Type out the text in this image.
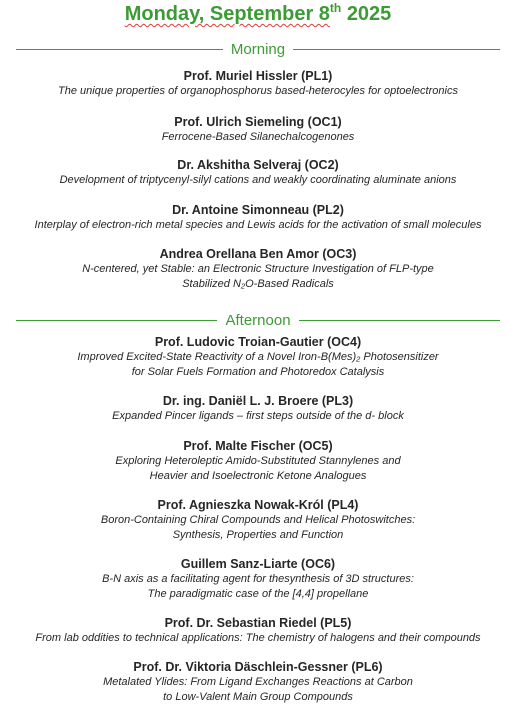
Monday, September 8th 2025
Morning
Prof. Muriel Hissler (PL1)
The unique properties of organophosphorus based-heterocyles for optoelectronics
Prof. Ulrich Siemeling (OC1)
Ferrocene-Based Silanechalcogenones
Dr. Akshitha Selveraj (OC2)
Development of triptycenyl-silyl cations and weakly coordinating aluminate anions
Dr. Antoine Simonneau (PL2)
Interplay of electron-rich metal species and Lewis acids for the activation of small molecules
Andrea Orellana Ben Amor (OC3)
N-centered, yet Stable: an Electronic Structure Investigation of FLP-type
Stabilized N₂O-Based Radicals
Afternoon
Prof. Ludovic Troian-Gautier (OC4)
Improved Excited-State Reactivity of a Novel Iron-B(Mes)₂ Photosensitizer
for Solar Fuels Formation and Photoredox Catalysis
Dr. ing. Daniël L. J. Broere (PL3)
Expanded Pincer ligands – first steps outside of the d- block
Prof. Malte Fischer (OC5)
Exploring Heteroleptic Amido-Substituted Stannylenes and
Heavier and Isoelectronic Ketone Analogues
Prof. Agnieszka Nowak-Król (PL4)
Boron-Containing Chiral Compounds and Helical Photoswitches:
Synthesis, Properties and Function
Guillem Sanz-Liarte (OC6)
B-N axis as a facilitating agent for thesynthesis of 3D structures:
The paradigmatic case of the [4,4] propellane
Prof. Dr. Sebastian Riedel (PL5)
From lab oddities to technical applications: The chemistry of halogens and their compounds
Prof. Dr. Viktoria Däschlein-Gessner (PL6)
Metalated Ylides: From Ligand Exchanges Reactions at Carbon
to Low-Valent Main Group Compounds
